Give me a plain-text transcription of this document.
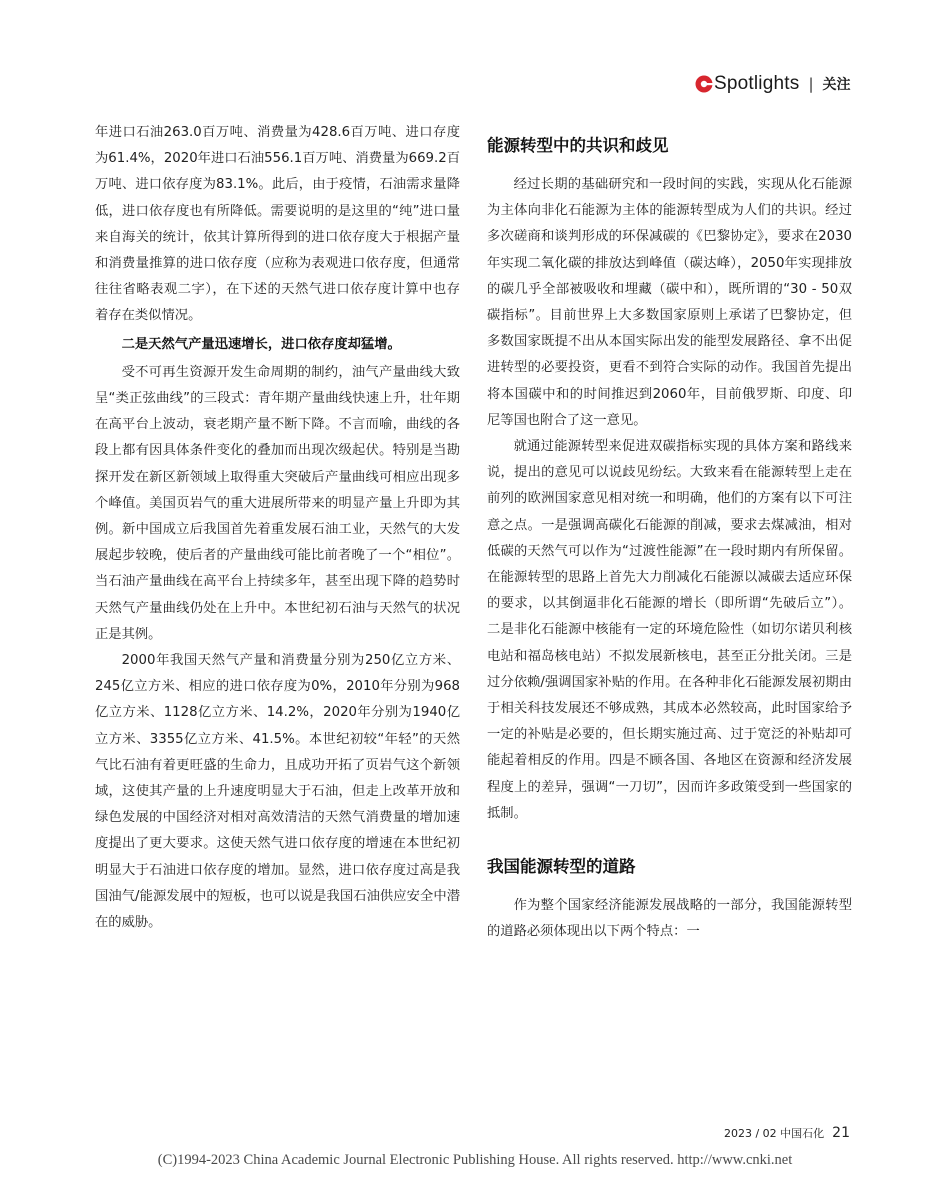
Spotlights | 关注

年进口石油263.0百万吨、消费量为428.6百万吨、进口存度为61.4%，2020年进口石油556.1百万吨、消费量为669.2百万吨、进口依存度为83.1%。此后，由于疫情，石油需求量降低，进口依存度也有所降低。需要说明的是这里的“纯”进口量来自海关的统计，依其计算所得到的进口依存度大于根据产量和消费量推算的进口依存度（应称为表观进口依存度，但通常往往省略表观二字），在下述的天然气进口依存度计算中也存着存在类似情况。

二是天然气产量迅速增长，进口依存度却猛增。

受不可再生资源开发生命周期的制约，油气产量曲线大致呈“类正弦曲线”的三段式：青年期产量曲线快速上升，壮年期在高平台上波动，衰老期产量不断下降。不言而喻，曲线的各段上都有因具体条件变化的叠加而出现次级起伏。特别是当勘探开发在新区新领域上取得重大突破后产量曲线可相应出现多个峰值。美国页岩气的重大进展所带来的明显产量上升即为其例。新中国成立后我国首先着重发展石油工业，天然气的大发展起步较晚，使后者的产量曲线可能比前者晚了一个“相位”。当石油产量曲线在高平台上持续多年，甚至出现下降的趋势时天然气产量曲线仍处在上升中。本世纪初石油与天然气的状况正是其例。

2000年我国天然气产量和消费量分别为250亿立方米、245亿立方米、相应的进口依存度为0%，2010年分别为968亿立方米、1128亿立方米、14.2%，2020年分别为1940亿立方米、3355亿立方米、41.5%。本世纪初较“年轻”的天然气比石油有着更旺盛的生命力，且成功开拓了页岩气这个新领域，这使其产量的上升速度明显大于石油，但走上改革开放和绿色发展的中国经济对相对高效清洁的天然气消费量的增加速度提出了更大要求。这使天然气进口依存度的增速在本世纪初明显大于石油进口依存度的增加。显然，进口依存度过高是我国油气/能源发展中的短板，也可以说是我国石油供应安全中潜在的威胁。

能源转型中的共识和歧见

经过长期的基础研究和一段时间的实践，实现从化石能源为主体向非化石能源为主体的能源转型成为人们的共识。经过多次磋商和谈判形成的环保减碳的《巴黎协定》，要求在2030年实现二氧化碳的排放达到峰值（碳达峰），2050年实现排放的碳几乎全部被吸收和埋藏（碳中和），既所谓的“30 - 50双碳指标”。目前世界上大多数国家原则上承诺了巴黎协定，但多数国家既提不出从本国实际出发的能型发展路径、拿不出促进转型的必要投资，更看不到符合实际的动作。我国首先提出将本国碳中和的时间推迟到2060年，目前俄罗斯、印度、印尼等国也附合了这一意见。

就通过能源转型来促进双碳指标实现的具体方案和路线来说，提出的意见可以说歧见纷纭。大致来看在能源转型上走在前列的欧洲国家意见相对统一和明确，他们的方案有以下可注意之点。一是强调高碳化石能源的削减，要求去煤减油，相对低碳的天然气可以作为“过渡性能源”在一段时期内有所保留。在能源转型的思路上首先大力削减化石能源以减碳去适应环保的要求，以其倒逼非化石能源的增长（即所谓“先破后立”）。二是非化石能源中核能有一定的环境危险性（如切尔诺贝利核电站和福岛核电站）不拟发展新核电，甚至正分批关闭。三是过分依赖/强调国家补贴的作用。在各种非化石能源发展初期由于相关科技发展还不够成熟，其成本必然较高，此时国家给予一定的补贴是必要的，但长期实施过高、过于宽泛的补贴却可能起着相反的作用。四是不顾各国、各地区在资源和经济发展程度上的差异，强调“一刀切”，因而许多政策受到一些国家的抵制。

我国能源转型的道路

作为整个国家经济能源发展战略的一部分，我国能源转型的道路必须体现出以下两个特点：一

2023 / 02 中国石化 21
(C)1994-2023 China Academic Journal Electronic Publishing House. All rights reserved. http://www.cnki.net
